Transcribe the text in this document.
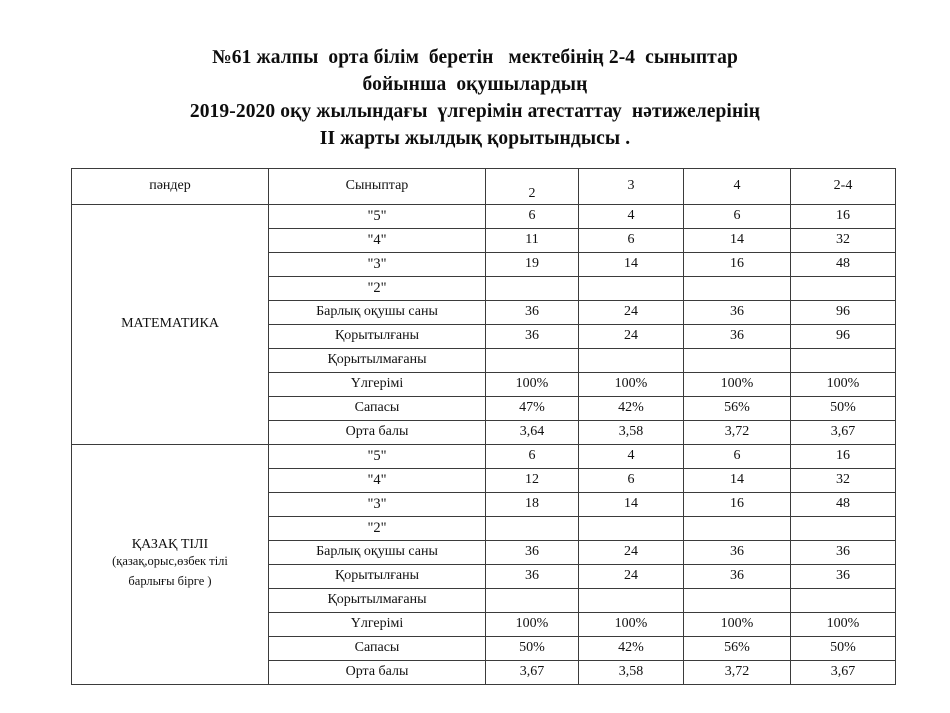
№61 жалпы  орта білім  беретін   мектебінің 2-4  сыныптар
бойынша  оқушылардың
2019-2020 оқу жылындағы  үлгерімін атестаттау  нәтижелерінің
II жарты жылдық қорытындысы .
пәндер	Сыныптар	2	3	4	2-4

МАТЕМАТИКА	"5"	6	4	6	16
	"4"	11	6	14	32
	"3"	19	14	16	48
	"2"				
	Барлық оқушы саны	36	24	36	96
	Қорытылғаны	36	24	36	96
	Қорытылмағаны				
	Үлгерімі	100%	100%	100%	100%
	Сапасы	47%	42%	56%	50%
	Орта балы	3,64	3,58	3,72	3,67

ҚАЗАҚ ТІЛІ
(қазақ,орыс,өзбек тілі
барлығы бірге )	"5"	6	4	6	16
	"4"	12	6	14	32
	"3"	18	14	16	48
	"2"				
	Барлық оқушы саны	36	24	36	36
	Қорытылғаны	36	24	36	36
	Қорытылмағаны				
	Үлгерімі	100%	100%	100%	100%
	Сапасы	50%	42%	56%	50%
	Орта балы	3,67	3,58	3,72	3,67
